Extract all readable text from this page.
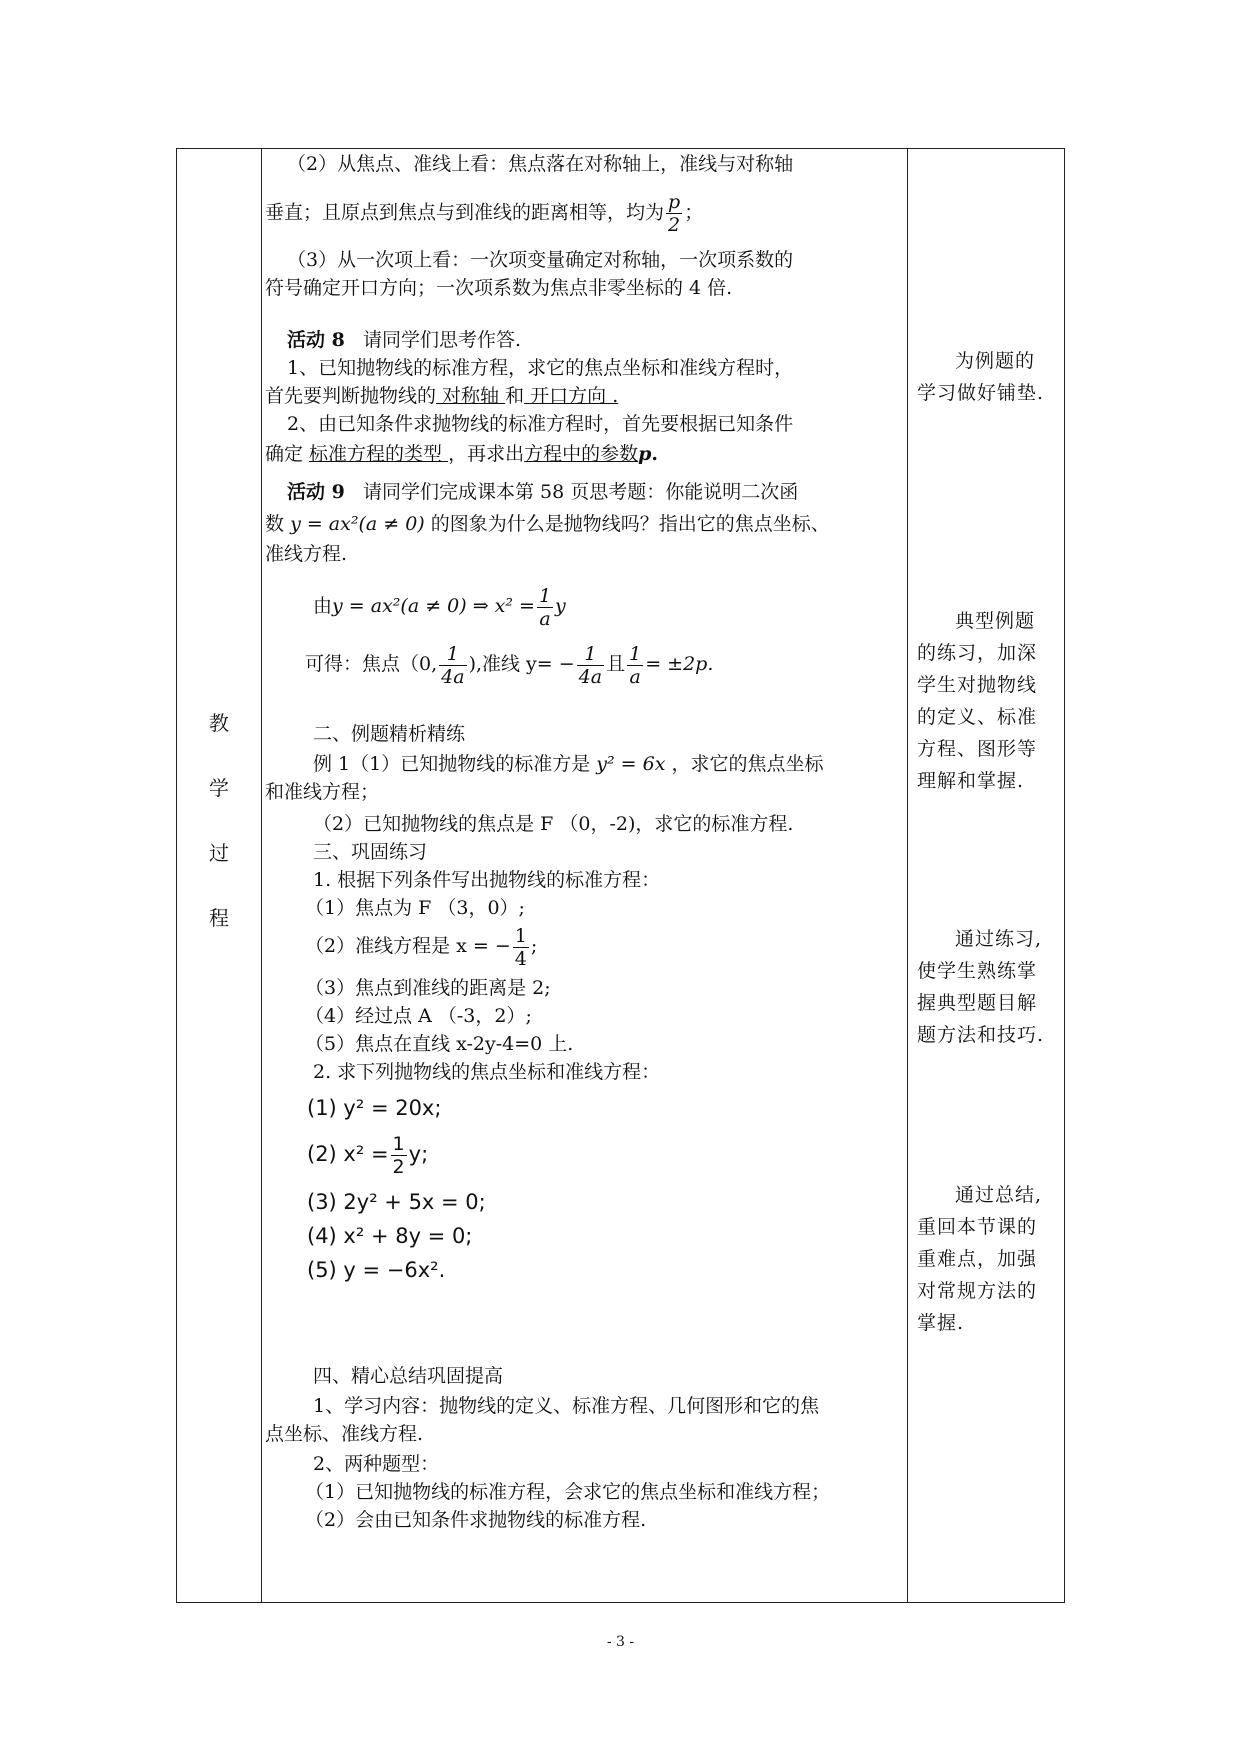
教
学
过
程
（2）从焦点、准线上看：焦点落在对称轴上，准线与对称轴
垂直；且原点到焦点与到准线的距离相等，均为 $\frac{p}{2}$ ；
（3）从一次项上看：一次项变量确定对称轴，一次项系数的
符号确定开口方向；一次项系数为焦点非零坐标的 4 倍.
活动 8 请同学们思考作答.
1、已知抛物线的标准方程，求它的焦点坐标和准线方程时，
首先要判断抛物线的 对称轴 和 开口方向 .
2、由已知条件求抛物线的标准方程时，首先要根据已知条件
确定 标准方程的类型 ，再求出方程中的参数p.
活动 9 请同学们完成课本第 58 页思考题：你能说明二次函
数 y = ax²(a ≠ 0) 的图象为什么是抛物线吗？指出它的焦点坐标、
准线方程.
由y = ax²(a ≠ 0) ⇒ $x^2 = \frac{1}{a}$ y
可得：焦点（0, $\frac{1}{4a}$ ),准线 $y= - \frac{1}{4a}$ 且 $\frac{1}{a} = \pm 2p$.
二、例题精析精练
例 1（1）已知抛物线的标准方是 y² = 6x ，求它的焦点坐标
和准线方程；
（2）已知抛物线的焦点是 F （0，-2)，求它的标准方程.
三、巩固练习
1. 根据下列条件写出抛物线的标准方程：
（1）焦点为 F （3，0）;
（2）准线方程是 x = − $\frac{1}{4}$ ;
（3）焦点到准线的距离是 2;
（4）经过点 A （-3，2）;
（5）焦点在直线 x-2y-4=0 上.
2. 求下列抛物线的焦点坐标和准线方程：
(1) y² = 20x;
(2) $x^2 = \frac{1}{2} y$;
(3) 2y² + 5x = 0;
(4) x² + 8y = 0;
(5) y = −6x².
四、精心总结巩固提高
1、学习内容：抛物线的定义、标准方程、几何图形和它的焦
点坐标、准线方程.
2、两种题型：
（1）已知抛物线的标准方程，会求它的焦点坐标和准线方程；
（2）会由已知条件求抛物线的标准方程.
为例题的
学习做好铺垫.
典型例题
的练习，加深
学生对抛物线
的定义、标准
方程、图形等
理解和掌握.
通过练习,
使学生熟练掌
握典型题目解
题方法和技巧.
通过总结,
重回本节课的
重难点，加强
对常规方法的
掌握.
- 3 -
